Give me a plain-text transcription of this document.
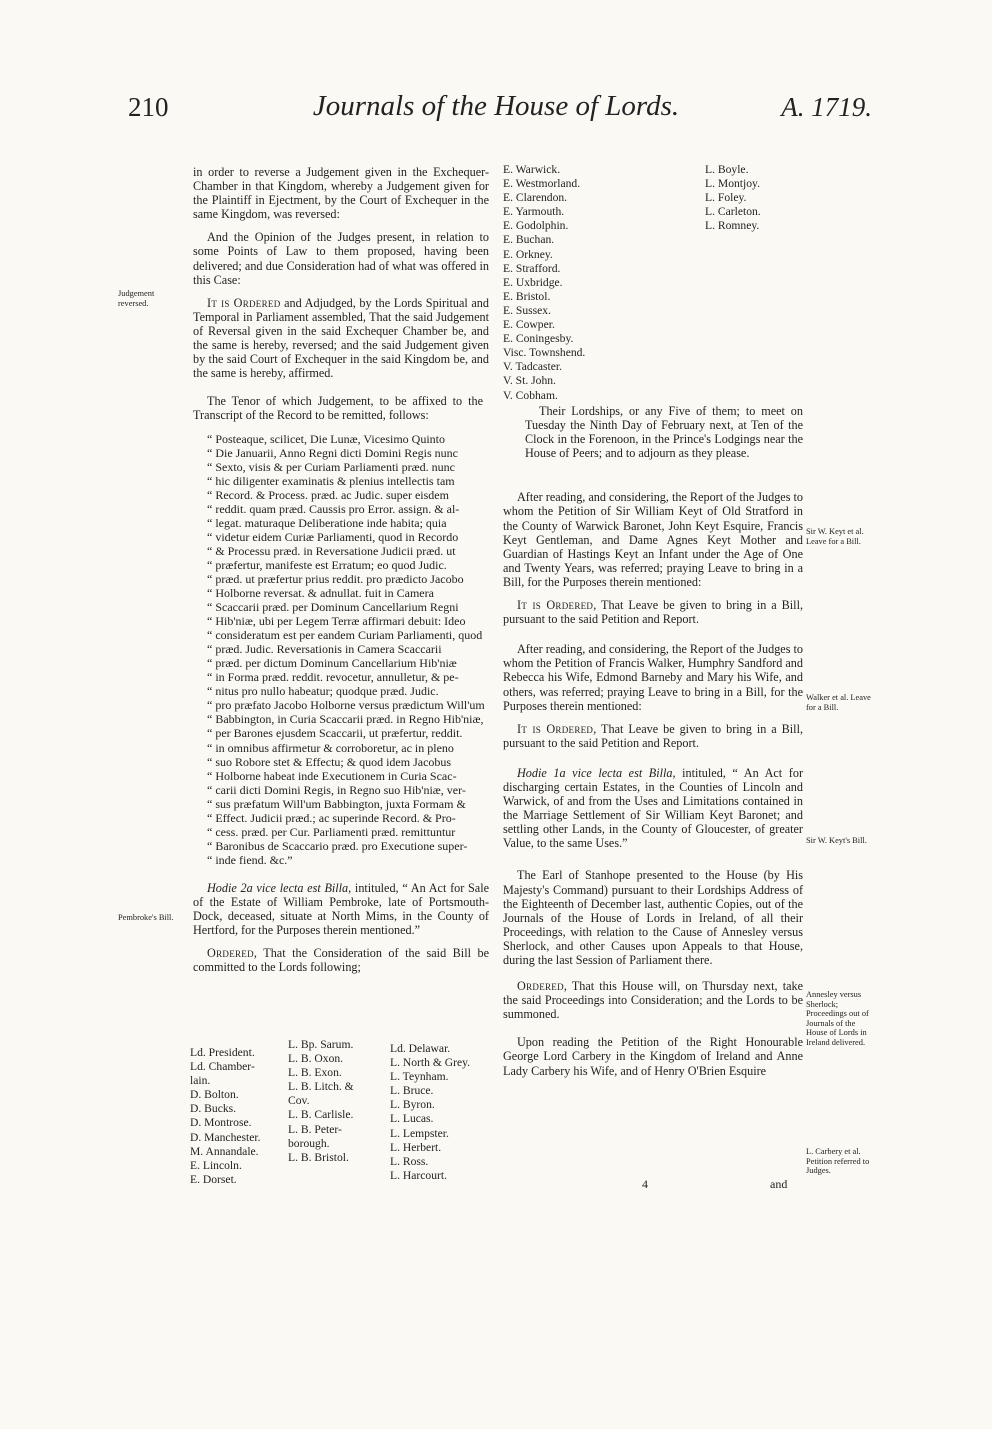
210	Journals of the House of Lords.	A. 1719.
Judgement reversed.
Pembroke's Bill.

in order to reverse a Judgement given in the Exchequer-Chamber in that Kingdom, whereby a Judgement given for the Plaintiff in Ejectment, by the Court of Exchequer in the same Kingdom, was reversed:

And the Opinion of the Judges present, in relation to some Points of Law to them proposed, having been delivered; and due Consideration had of what was offered in this Case:

It is Ordered and Adjudged, by the Lords Spiritual and Temporal in Parliament assembled, That the said Judgement of Reversal given in the said Exchequer Chamber be, and the same is hereby, reversed; and the said Judgement given by the said Court of Exchequer in the said Kingdom be, and the same is hereby, affirmed.

The Tenor of which Judgement, to be affixed to the Transcript of the Record to be remitted, follows:

“ Posteaque, scilicet, Die Lunæ, Vicesimo Quinto
“ Die Januarii, Anno Regni dicti Domini Regis nunc
“ Sexto, visis & per Curiam Parliamenti præd. nunc
“ hic diligenter examinatis & plenius intellectis tam
“ Record. & Process. præd. ac Judic. super eisdem
“ reddit. quam præd. Caussis pro Error. assign. & al-
“ legat. maturaque Deliberatione inde habita; quia
“ videtur eidem Curiæ Parliamenti, quod in Recordo
“ & Processu præd. in Reversatione Judicii præd. ut
“ præfertur, manifeste est Erratum; eo quod Judic.
“ præd. ut præfertur prius reddit. pro prædicto Jacobo
“ Holborne reversat. & adnullat. fuit in Camera
“ Scaccarii præd. per Dominum Cancellarium Regni
“ Hib'niæ, ubi per Legem Terræ affirmari debuit: Ideo
“ consideratum est per eandem Curiam Parliamenti, quod
“ præd. Judic. Reversationis in Camera Scaccarii
“ præd. per dictum Dominum Cancellarium Hib'niæ
“ in Forma præd. reddit. revocetur, annulletur, & pe-
“ nitus pro nullo habeatur; quodque præd. Judic.
“ pro præfato Jacobo Holborne versus prædictum Will'um
“ Babbington, in Curia Scaccarii præd. in Regno Hib'niæ,
“ per Barones ejusdem Scaccarii, ut præfertur, reddit.
“ in omnibus affirmetur & corroboretur, ac in pleno
“ suo Robore stet & Effectu; & quod idem Jacobus
“ Holborne habeat inde Executionem in Curia Scac-
“ carii dicti Domini Regis, in Regno suo Hib'niæ, ver-
“ sus præfatum Will'um Babbington, juxta Formam &
“ Effect. Judicii præd.; ac superinde Record. & Pro-
“ cess. præd. per Cur. Parliamenti præd. remittuntur
“ Baronibus de Scaccario præd. pro Executione super-
“ inde fiend. &c.”

Hodie 2a vice lecta est Billa, intituled, “ An Act for Sale of the Estate of William Pembroke, late of Portsmouth-Dock, deceased, situate at North Mims, in the County of Hertford, for the Purposes therein mentioned.”

Ordered, That the Consideration of the said Bill be committed to the Lords following;

Ld. President.
Ld. Chamber-
lain.
D. Bolton.
D. Bucks.
D. Montrose.
D. Manchester.
M. Annandale.
E. Lincoln.
E. Dorset.
L. Bp. Sarum.
L. B. Oxon.
L. B. Exon.
L. B. Litch. &
Cov.
L. B. Carlisle.
L. B. Peter-
borough.
L. B. Bristol.
Ld. Delawar.
L. North & Grey.
L. Teynham.
L. Bruce.
L. Byron.
L. Lucas.
L. Lempster.
L. Herbert.
L. Ross.
L. Harcourt.
E. Warwick.
E. Westmorland.
E. Clarendon.
E. Yarmouth.
E. Godolphin.
E. Buchan.
E. Orkney.
E. Strafford.
E. Uxbridge.
E. Bristol.
E. Sussex.
E. Cowper.
E. Coningesby.
Visc. Townshend.
V. Tadcaster.
V. St. John.
V. Cobham.
L. Boyle.
L. Montjoy.
L. Foley.
L. Carleton.
L. Romney.

Their Lordships, or any Five of them; to meet on Tuesday the Ninth Day of February next, at Ten of the Clock in the Forenoon, in the Prince's Lodgings near the House of Peers; and to adjourn as they please.

After reading, and considering, the Report of the Judges to whom the Petition of Sir William Keyt of Old Stratford in the County of Warwick Baronet, John Keyt Esquire, Francis Keyt Gentleman, and Dame Agnes Keyt Mother and Guardian of Hastings Keyt an Infant under the Age of One and Twenty Years, was referred; praying Leave to bring in a Bill, for the Purposes therein mentioned:

It is Ordered, That Leave be given to bring in a Bill, pursuant to the said Petition and Report.

After reading, and considering, the Report of the Judges to whom the Petition of Francis Walker, Humphry Sandford and Rebecca his Wife, Edmond Barneby and Mary his Wife, and others, was referred; praying Leave to bring in a Bill, for the Purposes therein mentioned:

It is Ordered, That Leave be given to bring in a Bill, pursuant to the said Petition and Report.

Hodie 1a vice lecta est Billa, intituled, “ An Act for discharging certain Estates, in the Counties of Lincoln and Warwick, of and from the Uses and Limitations contained in the Marriage Settlement of Sir William Keyt Baronet; and settling other Lands, in the County of Gloucester, of greater Value, to the same Uses.”

The Earl of Stanhope presented to the House (by His Majesty's Command) pursuant to their Lordships Address of the Eighteenth of December last, authentic Copies, out of the Journals of the House of Lords in Ireland, of all their Proceedings, with relation to the Cause of Annesley versus Sherlock, and other Causes upon Appeals to that House, during the last Session of Parliament there.

Ordered, That this House will, on Thursday next, take the said Proceedings into Consideration; and the Lords to be summoned.

Upon reading the Petition of the Right Honourable George Lord Carbery in the Kingdom of Ireland and Anne Lady Carbery his Wife, and of Henry O'Brien Esquire

Sir W. Keyt et al. Leave for a Bill.
Walker et al. Leave for a Bill.
Sir W. Keyt's Bill.
Annesley versus Sherlock; Proceedings out of Journals of the House of Lords in Ireland delivered.
L. Carbery et al. Petition referred to Judges.
4	and
